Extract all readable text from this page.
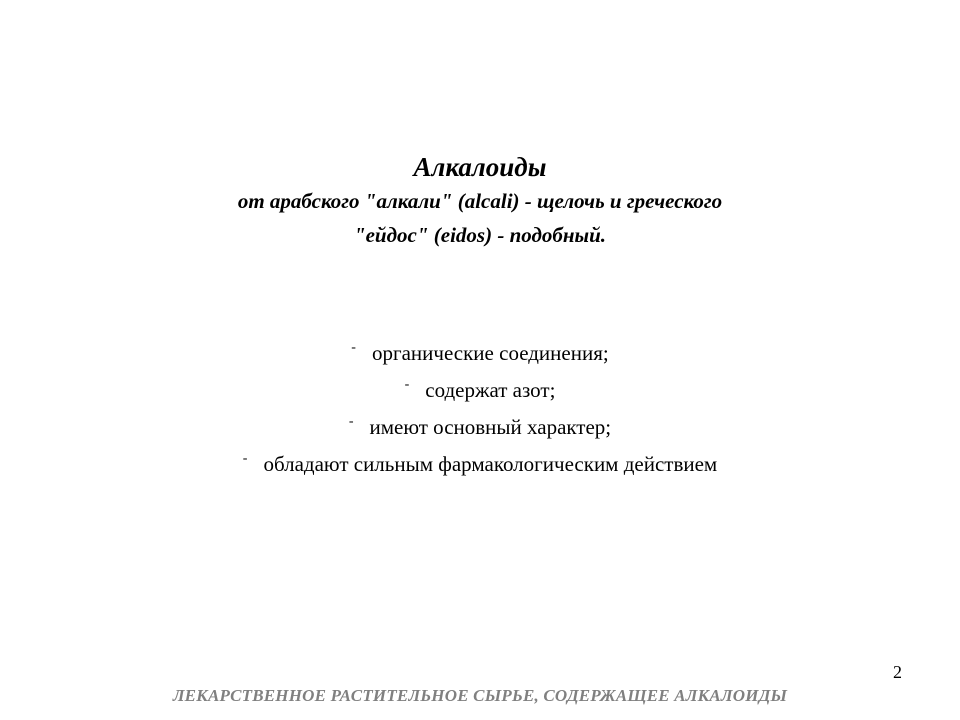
Алкалоиды

от арабского "алкали" (alcali) - щелочь и греческого

"ейдос" (eidos) - подобный.

- органические соединения;
- содержат азот;
- имеют основный характер;
- обладают сильным фармакологическим действием
2
ЛЕКАРСТВЕННОЕ РАСТИТЕЛЬНОЕ СЫРЬЕ, СОДЕРЖАЩЕЕ АЛКАЛОИДЫ
